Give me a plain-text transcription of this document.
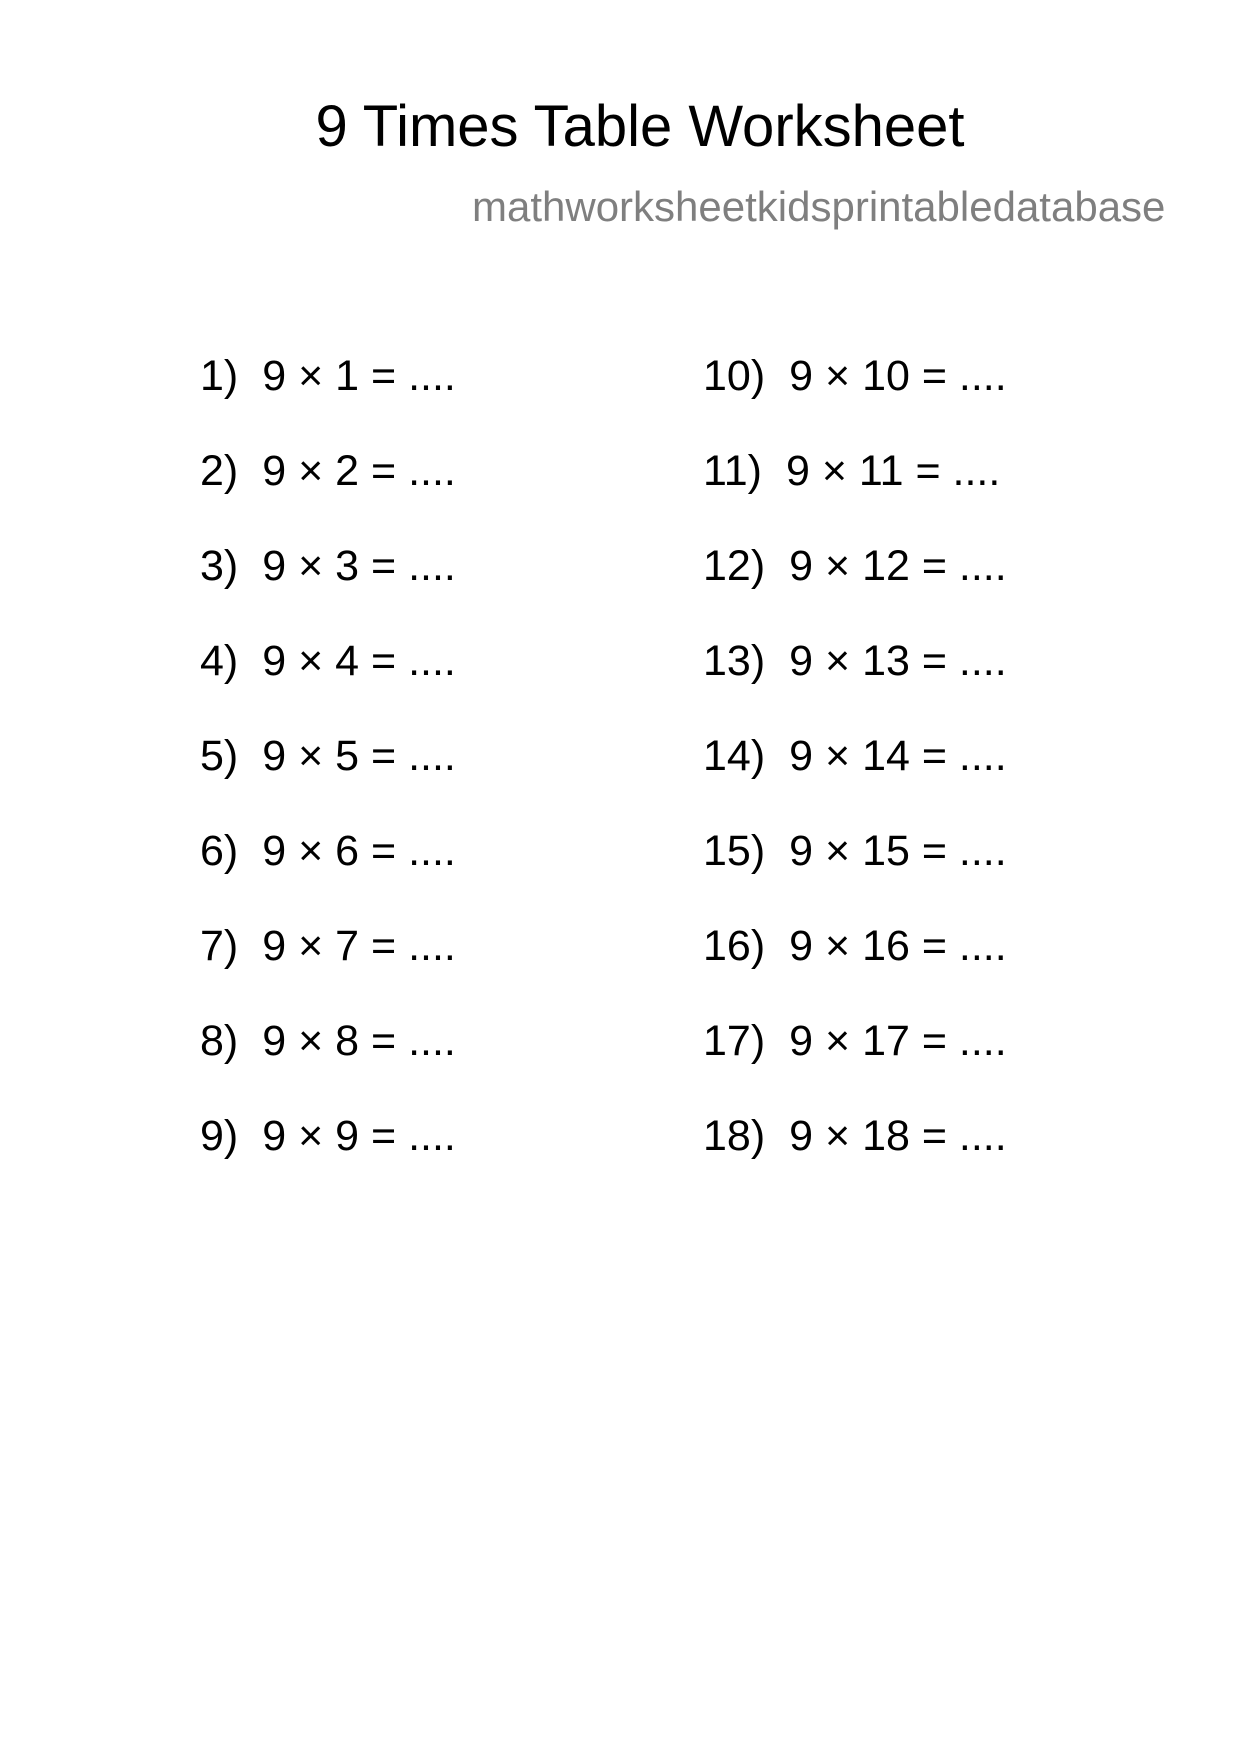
9 Times Table Worksheet
mathworksheetkidsprintabledatabase
1) 9 × 1 = ....
2) 9 × 2 = ....
3) 9 × 3 = ....
4) 9 × 4 = ....
5) 9 × 5 = ....
6) 9 × 6 = ....
7) 9 × 7 = ....
8) 9 × 8 = ....
9) 9 × 9 = ....
10) 9 × 10 = ....
11) 9 × 11 = ....
12) 9 × 12 = ....
13) 9 × 13 = ....
14) 9 × 14 = ....
15) 9 × 15 = ....
16) 9 × 16 = ....
17) 9 × 17 = ....
18) 9 × 18 = ....
